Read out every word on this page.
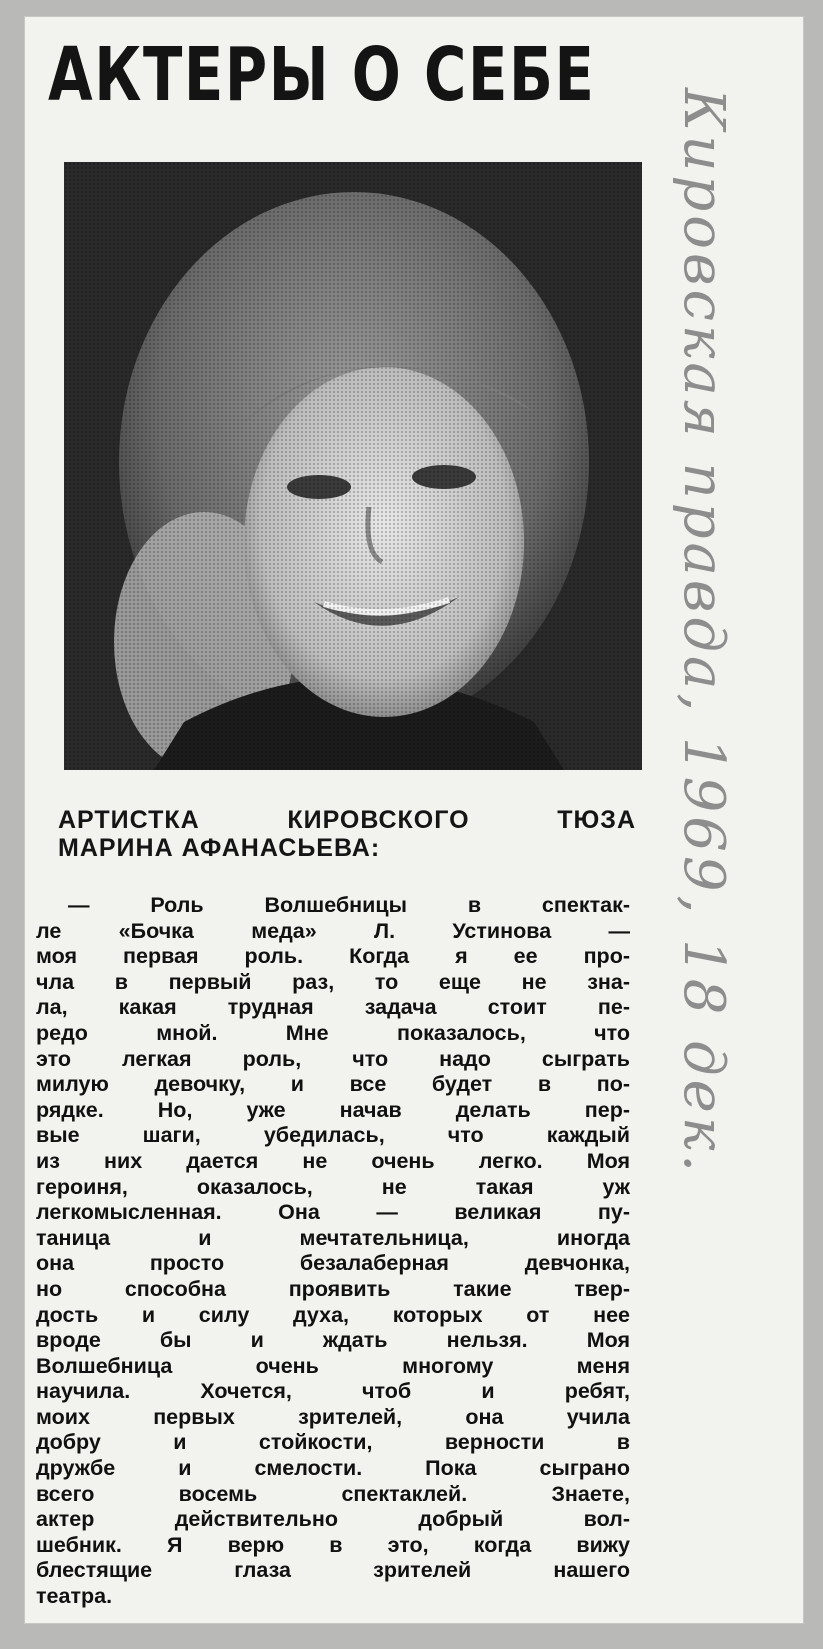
АКТЕРЫ О СЕБЕ
АРТИСТКА КИРОВСКОГО ТЮЗА
МАРИНА АФАНАСЬЕВА:
— Роль Волшебницы в спектак-
ле «Бочка меда» Л. Устинова —
моя первая роль. Когда я ее про-
чла в первый раз, то еще не зна-
ла, какая трудная задача стоит пе-
редо мной. Мне показалось, что
это легкая роль, что надо сыграть
милую девочку, и все будет в по-
рядке. Но, уже начав делать пер-
вые шаги, убедилась, что каждый
из них дается не очень легко. Моя
героиня, оказалось, не такая уж
легкомысленная. Она — великая пу-
таница и мечтательница, иногда
она просто безалаберная девчонка,
но способна проявить такие твер-
дость и силу духа, которых от нее
вроде бы и ждать нельзя. Моя
Волшебница очень многому меня
научила. Хочется, чтоб и ребят,
моих первых зрителей, она учила
добру и стойкости, верности в
дружбе и смелости. Пока сыграно
всего восемь спектаклей. Знаете,
актер действительно добрый вол-
шебник. Я верю в это, когда вижу
блестящие глаза зрителей нашего
театра.
Кировская правда, 1969, 18 дек.
